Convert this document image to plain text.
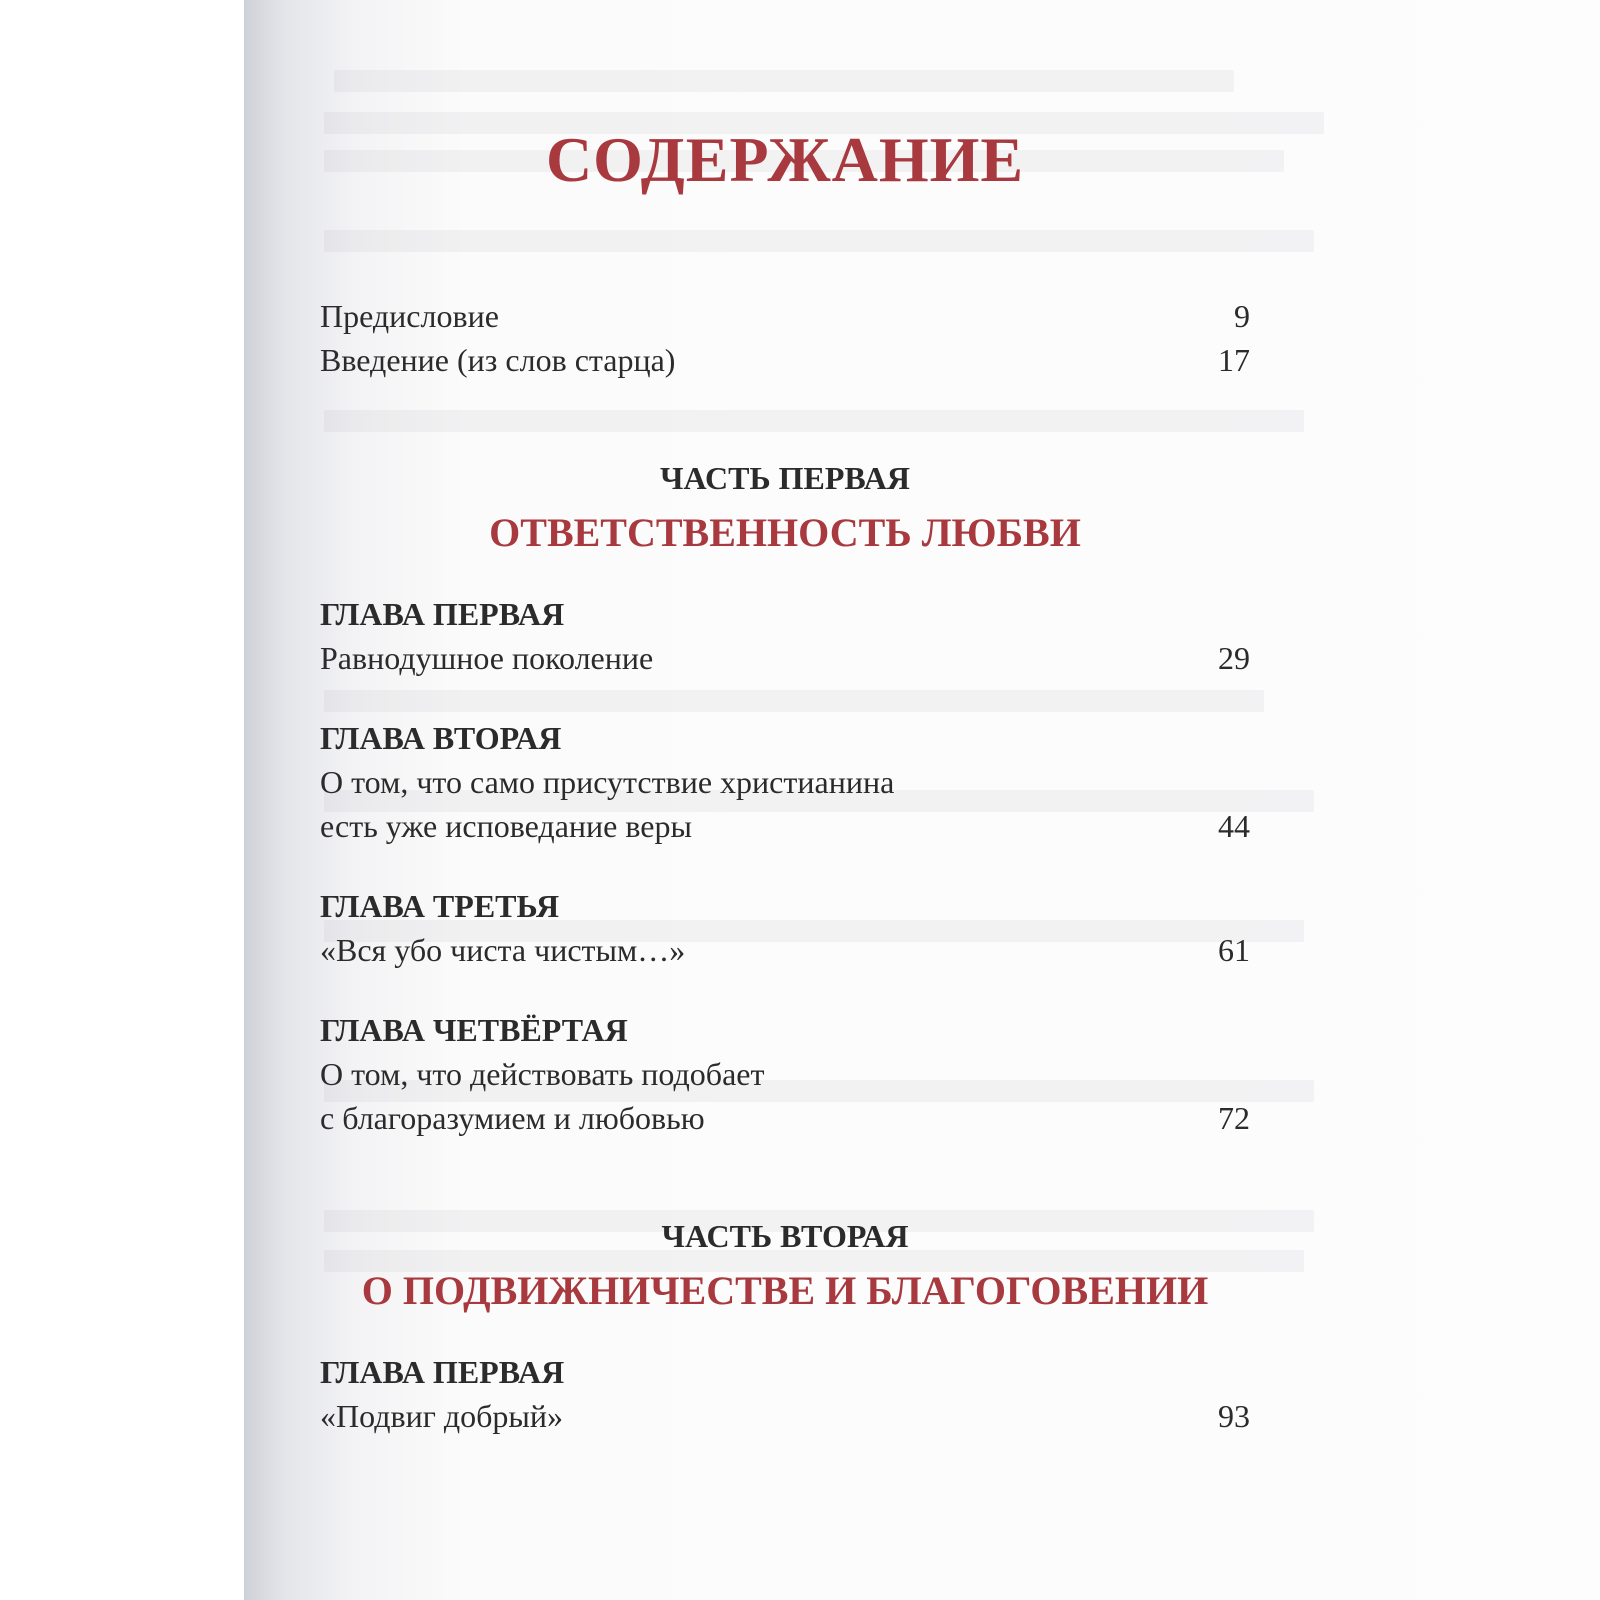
СОДЕРЖАНИЕ
Предисловие	9
Введение (из слов старца)	17
ЧАСТЬ ПЕРВАЯ
ОТВЕТСТВЕННОСТЬ ЛЮБВИ
ГЛАВА ПЕРВАЯ
Равнодушное поколение	29
ГЛАВА ВТОРАЯ
О том, что само присутствие христианина
есть уже исповедание веры	44
ГЛАВА ТРЕТЬЯ
«Вся убо чиста чистым…»	61
ГЛАВА ЧЕТВЁРТАЯ
О том, что действовать подобает
с благоразумием и любовью	72
ЧАСТЬ ВТОРАЯ
О ПОДВИЖНИЧЕСТВЕ И БЛАГОГОВЕНИИ
ГЛАВА ПЕРВАЯ
«Подвиг добрый»	93
